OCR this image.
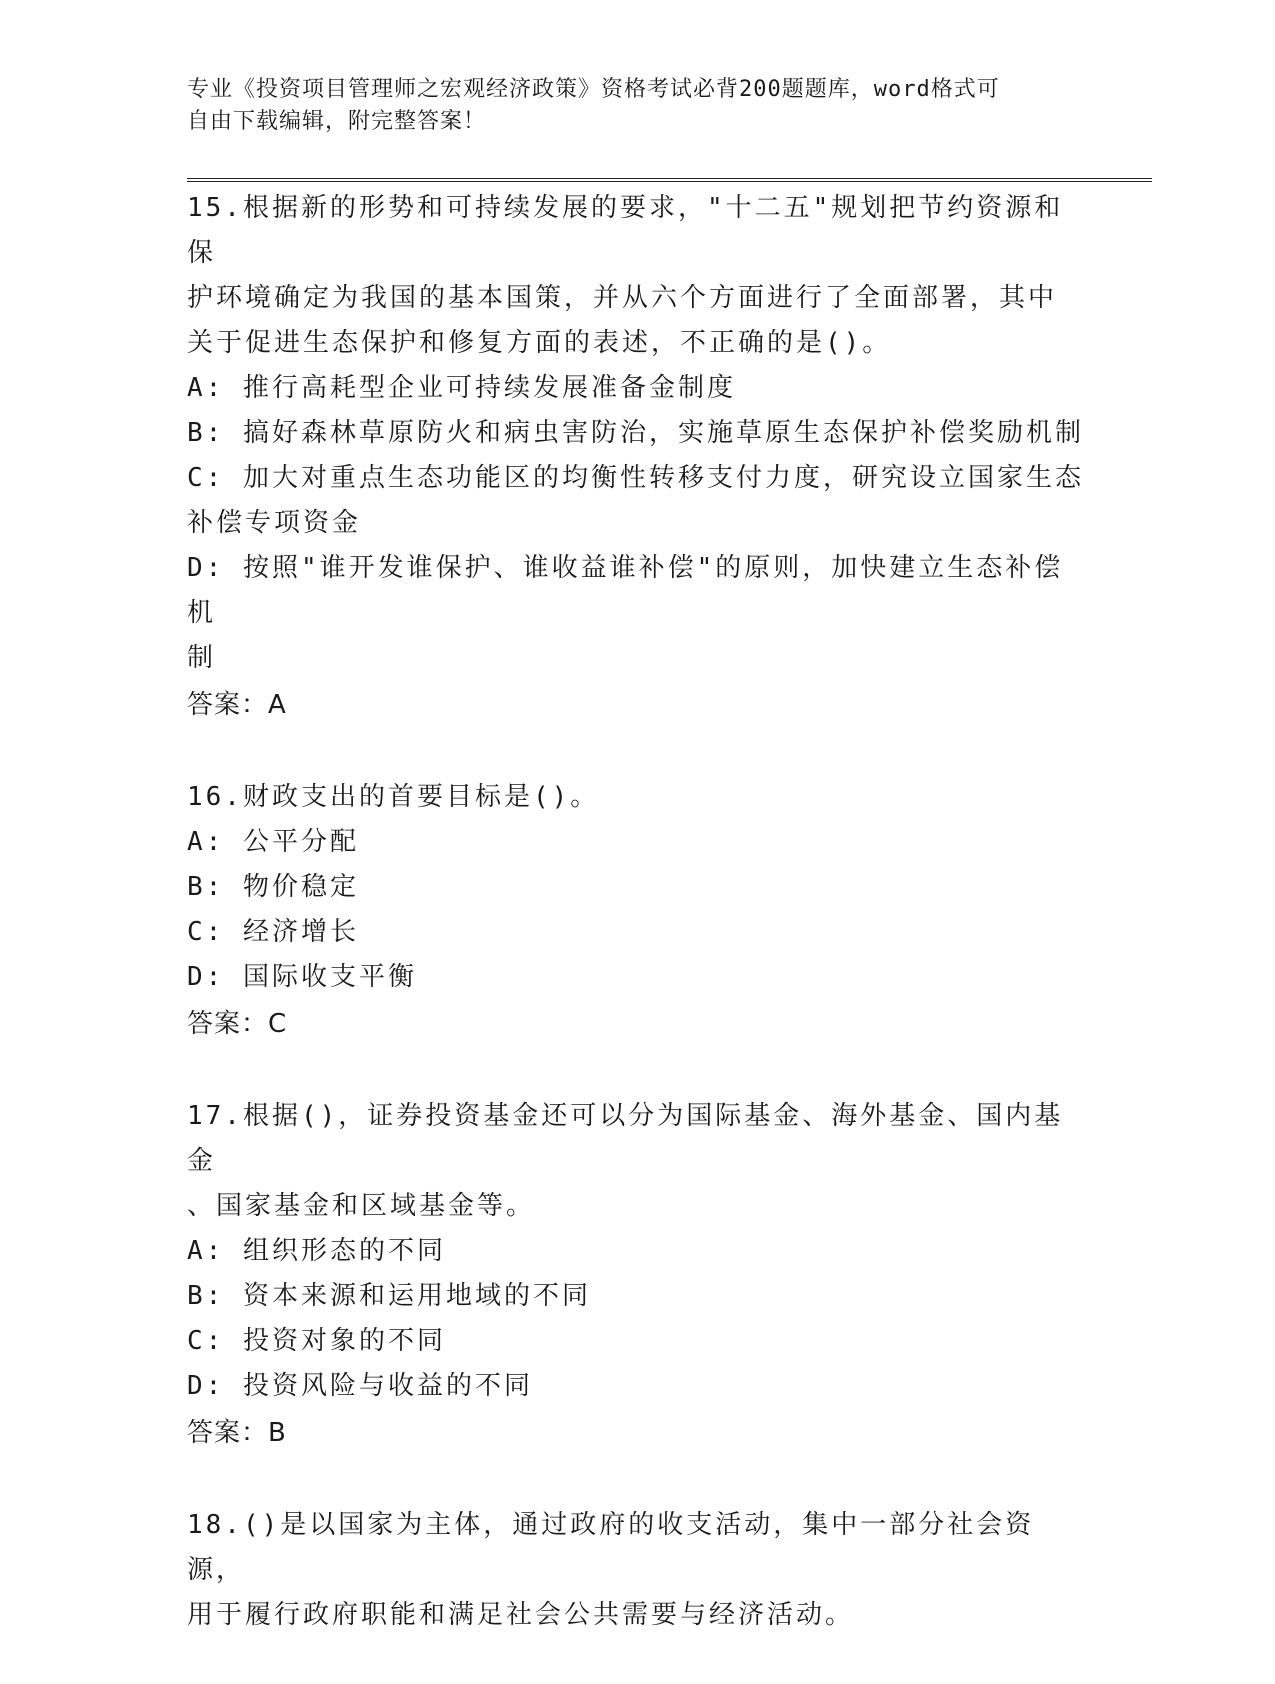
专业《投资项目管理师之宏观经济政策》资格考试必背200题题库，word格式可
自由下载编辑，附完整答案！
15.根据新的形势和可持续发展的要求，"十二五"规划把节约资源和保
护环境确定为我国的基本国策，并从六个方面进行了全面部署，其中
关于促进生态保护和修复方面的表述，不正确的是()。
A: 推行高耗型企业可持续发展准备金制度
B: 搞好森林草原防火和病虫害防治，实施草原生态保护补偿奖励机制
C: 加大对重点生态功能区的均衡性转移支付力度，研究设立国家生态
补偿专项资金
D: 按照"谁开发谁保护、谁收益谁补偿"的原则，加快建立生态补偿机
制
答案：A
16.财政支出的首要目标是()。
A: 公平分配
B: 物价稳定
C: 经济增长
D: 国际收支平衡
答案：C
17.根据()，证券投资基金还可以分为国际基金、海外基金、国内基金
、国家基金和区域基金等。
A: 组织形态的不同
B: 资本来源和运用地域的不同
C: 投资对象的不同
D: 投资风险与收益的不同
答案：B
18.()是以国家为主体，通过政府的收支活动，集中一部分社会资源，
用于履行政府职能和满足社会公共需要与经济活动。
